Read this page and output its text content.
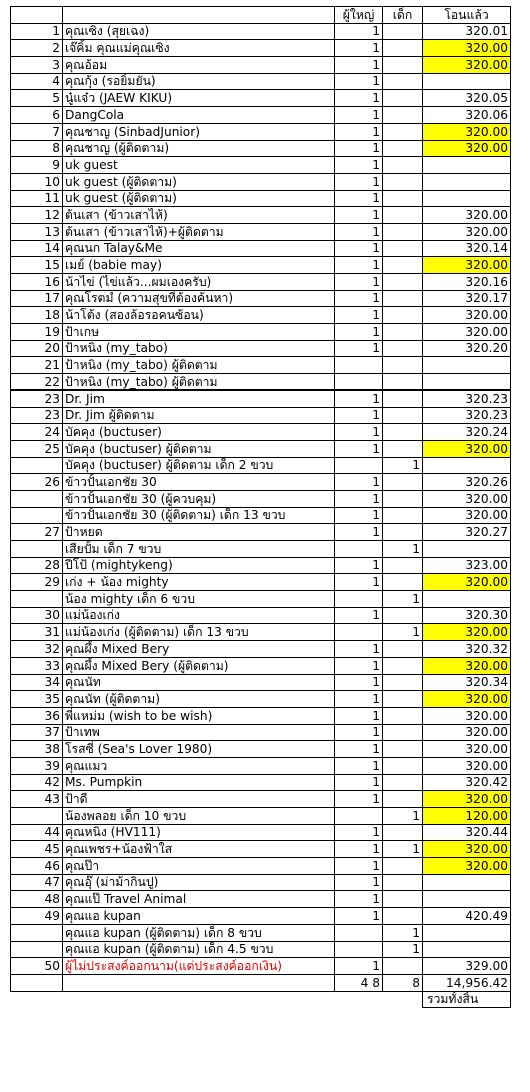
		ผู้ใหญ่	เด็ก	โอนแล้ว
1	คุณเซิง (สุยเฉง)	1		320.01
2	เจ๊คิ้ม คุณแม่คุณเซิง	1		320.00
3	คุณอ้อม	1		320.00
4	คุณกุ้ง (รอยิ้มยัน)	1		
5	นู๋แจ๋ว (JAEW KIKU)	1		320.05
6	DangCola	1		320.06
7	คุณชาญ (SinbadJunior)	1		320.00
8	คุณชาญ (ผู้ติดตาม)	1		320.00
9	uk guest	1		
10	uk guest (ผู้ติดตาม)	1		
11	uk guest (ผู้ติดตาม)	1		
12	ต้นเสา (ข้าวเสาไห้)	1		320.00
13	ต้นเสา (ข้าวเสาไห้)+ผู้ติดตาม	1		320.00
14	คุณนก Talay&Me	1		320.14
15	เมย์ (babie may)	1		320.00
16	น้าไข่ (ไข่แล้ว...ผมเองครับ)	1		320.16
17	คุณโรตมํ (ความสุขที่ต้องค้นหา)	1		320.17
18	น้าโต้ง (สองล้อรอคนซ้อน)	1		320.00
19	ป้าเกษ	1		320.00
20	ป้าหนิง (my_tabo)	1		320.20
21	ป้าหนิง (my_tabo) ผู้ติดตาม			
22	ป้าหนิง (my_tabo) ผู้ติดตาม			
23	Dr. Jim	1		320.23
23	Dr. Jim ผู้ติดตาม	1		320.23
24	บัคคุง (buctuser)	1		320.24
25	บัคคุง (buctuser) ผู้ติดตาม	1		320.00
	บัคคุง (buctuser) ผู้ติดตาม เด็ก 2 ขวบ		1	
26	ข้าวปั้นเอกชัย 30	1		320.26
	ข้าวปั้นเอกชัย 30 (ผู้ควบคุม)	1		320.00
	ข้าวปั้นเอกชัย 30 (ผู้ติดตาม) เด็ก 13 ขวบ	1		320.00
27	ป้าหยด	1		320.27
	เสียปั้ม เด็ก 7 ขวบ		1	
28	ปีโป้ (mightykeng)	1		323.00
29	เก่ง + น้อง mighty	1		320.00
	น้อง mighty เด็ก 6 ขวบ		1	
30	แม่น้องเก่ง	1		320.30
31	แม่น้องเก่ง (ผู้ติดตาม) เด็ก 13 ขวบ		1	320.00
32	คุณผึ้ง Mixed Bery	1		320.32
33	คุณผึ้ง Mixed Bery (ผู้ติดตาม)	1		320.00
34	คุณนัท	1		320.34
35	คุณนัท (ผู้ติดตาม)	1		320.00
36	พี่แหม่ม (wish to be wish)	1		320.00
37	ป้าเทพ	1		320.00
38	โรสซี่ (Sea's Lover 1980)	1		320.00
39	คุณแมว	1		320.00
42	Ms. Pumpkin	1		320.42
43	ป้าดี	1		320.00
	น้องพลอย เด็ก 10 ขวบ		1	120.00
44	คุณหนิง (HV111)	1		320.44
45	คุณเพชร+น้องฟ้าใส	1	1	320.00
46	คุณป๊า	1		320.00
47	คุณอุ๊ (ม่าม้ากินปู)	1		
48	คุณแป๊ Travel Animal	1		
49	คุณแอ kupan	1		420.49
	คุณแอ kupan (ผู้ติดตาม) เด็ก 8 ขวบ		1	
	คุณแอ kupan (ผู้ติดตาม) เด็ก 4.5 ขวบ		1	
50	ผู้ไม่ประสงค์ออกนาม(แต่ประสงค์ออกเงิน)	1		329.00
		4 8	8	14,956.42
				รวมทั้งสิ้น
